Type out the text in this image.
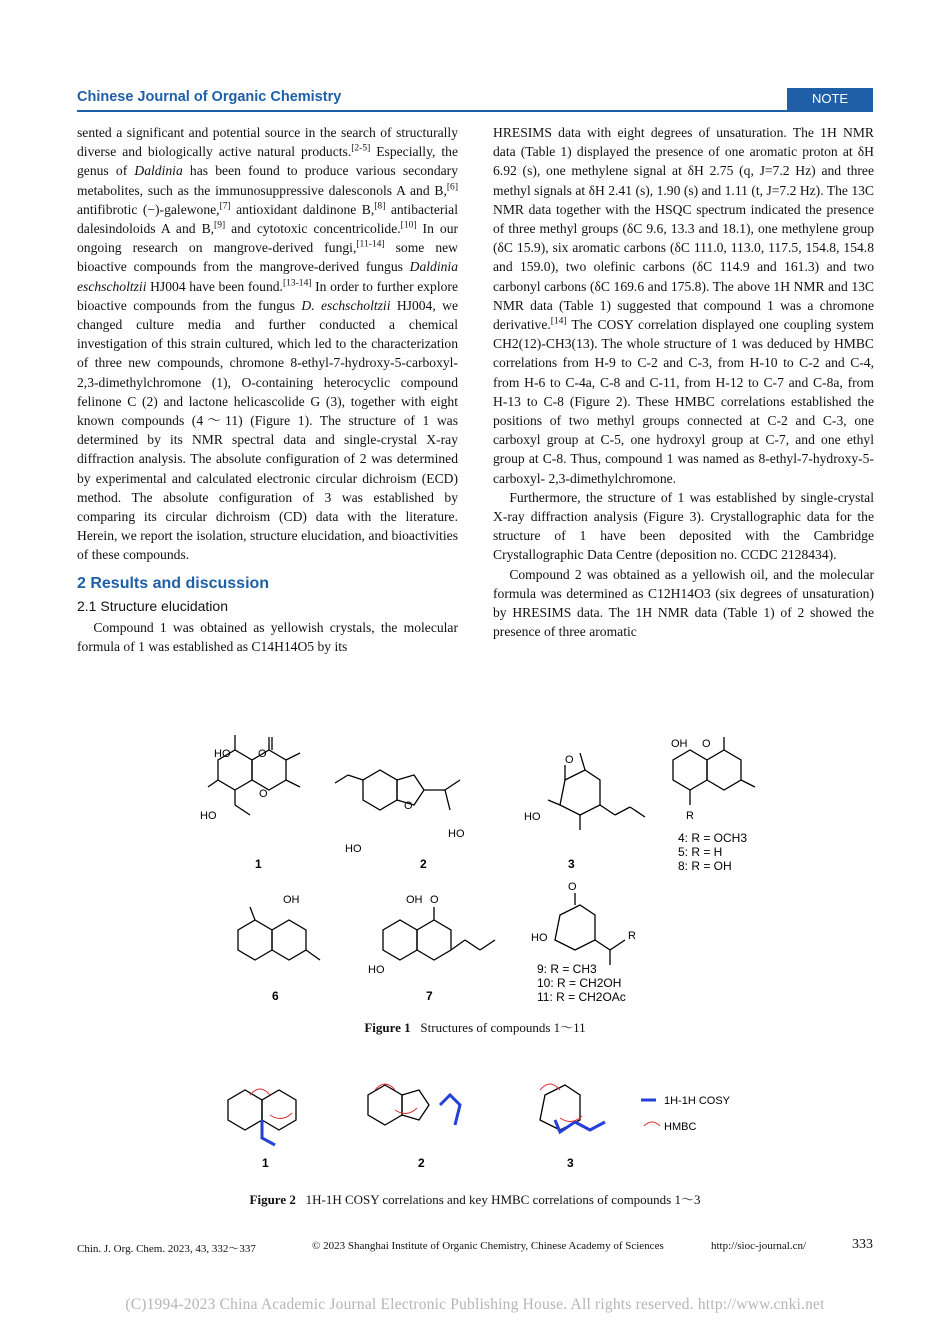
Chinese Journal of Organic Chemistry	NOTE

sented a significant and potential source in the search of structurally diverse and biologically active natural products.[2-5] Especially, the genus of Daldinia has been found to produce various secondary metabolites, such as the immunosuppressive dalesconols A and B,[6] antifibrotic (−)-galewone,[7] antioxidant daldinone B,[8] antibacterial dalesindoloids A and B,[9] and cytotoxic concentricolide.[10] In our ongoing research on mangrove-derived fungi,[11-14] some new bioactive compounds from the mangrove-derived fungus Daldinia eschscholtzii HJ004 have been found.[13-14] In order to further explore bioactive compounds from the fungus D. eschscholtzii HJ004, we changed culture media and further conducted a chemical investigation of this strain cultured, which led to the characterization of three new compounds, chromone 8-ethyl-7-hydroxy-5-carboxyl-2,3-dimethylchromone (1), O-containing heterocyclic compound felinone C (2) and lactone helicascolide G (3), together with eight known compounds (4～11) (Figure 1). The structure of 1 was determined by its NMR spectral data and single-crystal X-ray diffraction analysis. The absolute configuration of 2 was determined by experimental and calculated electronic circular dichroism (ECD) method. The absolute configuration of 3 was established by comparing its circular dichroism (CD) data with the literature. Herein, we report the isolation, structure elucidation, and bioactivities of these compounds.

2 Results and discussion
2.1 Structure elucidation

Compound 1 was obtained as yellowish crystals, the molecular formula of 1 was established as C14H14O5 by its

HRESIMS data with eight degrees of unsaturation. The 1H NMR data (Table 1) displayed the presence of one aromatic proton at δH 6.92 (s), one methylene signal at δH 2.75 (q, J=7.2 Hz) and three methyl signals at δH 2.41 (s), 1.90 (s) and 1.11 (t, J=7.2 Hz). The 13C NMR data together with the HSQC spectrum indicated the presence of three methyl groups (δC 9.6, 13.3 and 18.1), one methylene group (δC 15.9), six aromatic carbons (δC 111.0, 113.0, 117.5, 154.8, 154.8 and 159.0), two olefinic carbons (δC 114.9 and 161.3) and two carbonyl carbons (δC 169.6 and 175.8). The above 1H NMR and 13C NMR data (Table 1) suggested that compound 1 was a chromone derivative.[14] The COSY correlation displayed one coupling system CH2(12)-CH3(13). The whole structure of 1 was deduced by HMBC correlations from H-9 to C-2 and C-3, from H-10 to C-2 and C-4, from H-6 to C-4a, C-8 and C-11, from H-12 to C-7 and C-8a, from H-13 to C-8 (Figure 2). These HMBC correlations established the positions of two methyl groups connected at C-2 and C-3, one carboxyl group at C-5, one hydroxyl group at C-7, and one ethyl group at C-8. Thus, compound 1 was named as 8-ethyl-7-hydroxy-5-carboxyl- 2,3-dimethylchromone.

Furthermore, the structure of 1 was established by single-crystal X-ray diffraction analysis (Figure 3). Crystallographic data for the structure of 1 have been deposited with the Cambridge Crystallographic Data Centre (deposition no. CCDC 2128434).

Compound 2 was obtained as a yellowish oil, and the molecular formula was determined as C12H14O3 (six degrees of unsaturation) by HRESIMS data. The 1H NMR data (Table 1) of 2 showed the presence of three aromatic

HO	O
HO
O
HO
HO
O
O
HO
OH O
R
OH	OH O
HO
O
HO	R
1	2	3
6	7
4: R = OCH3
5: R = H
8: R = OH
9: R = CH3
10: R = CH2OH
11: R = CH2OAc
Figure 1 Structures of compounds 1～11
1H-1H COSY
HMBC
1	2	3
Figure 2 1H-1H COSY correlations and key HMBC correlations of compounds 1～3
Chin. J. Org. Chem. 2023, 43, 332～337	© 2023 Shanghai Institute of Organic Chemistry, Chinese Academy of Sciences	http://sioc-journal.cn/	333
(C)1994-2023 China Academic Journal Electronic Publishing House. All rights reserved. http://www.cnki.net
